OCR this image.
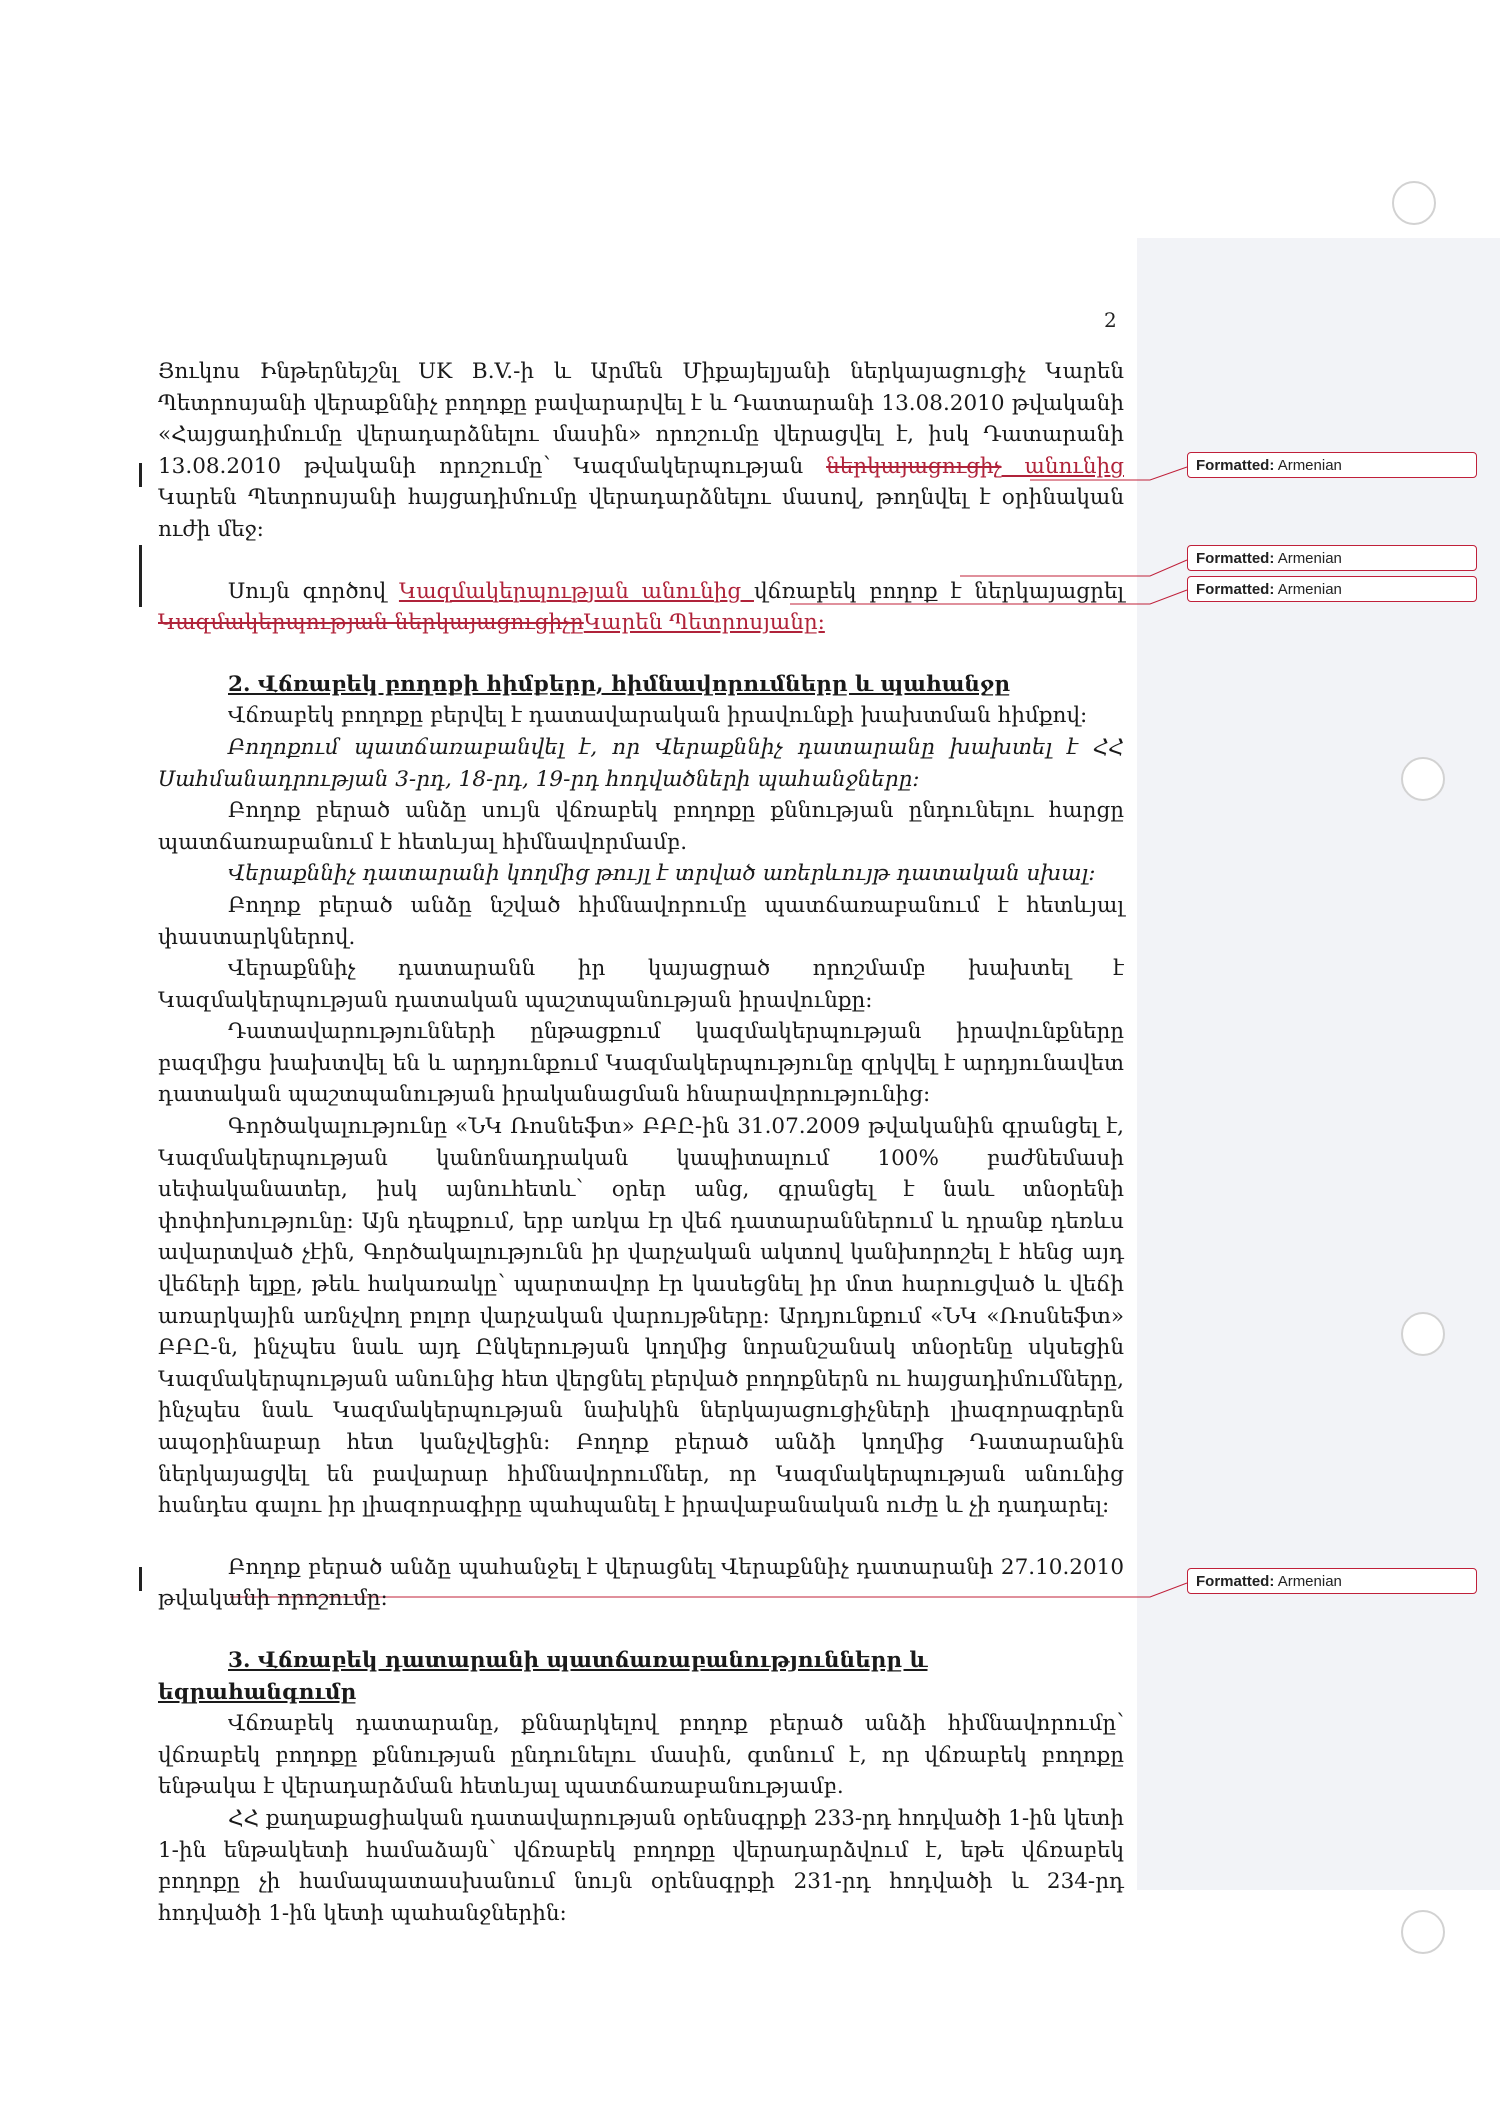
2
Formatted: Armenian
Formatted: Armenian
Formatted: Armenian
Formatted: Armenian

Յուկոս Ինթերնեյշնլ UK B.V.-ի և Արմեն Միքայելյանի ներկայացուցիչ Կարեն Պետրոսյանի վերաքննիչ բողոքը բավարարվել է և Դատարանի 13.08.2010 թվականի «Հայցադիմումը վերադարձնելու մասին» որոշումը վերացվել է, իսկ Դատարանի 13.08.2010 թվականի որոշումը՝ Կազմակերպության ներկայացուցիչ անունից Կարեն Պետրոսյանի հայցադիմումը վերադարձնելու մասով, թողնվել է օրինական ուժի մեջ:

Սույն գործով Կազմակերպության անունից վճռաբեկ բողոք է ներկայացրել Կազմակերպության ներկայացուցիչըԿարեն Պետրոսյանը:

2. Վճռաբեկ բողոքի հիմքերը, հիմնավորումները և պահանջը

Վճռաբեկ բողոքը բերվել է դատավարական իրավունքի խախտման հիմքով:

Բողոքում պատճառաբանվել է, որ Վերաքննիչ դատարանը խախտել է ՀՀ Սահմանադրության 3-րդ, 18-րդ, 19-րդ հոդվածների պահանջները:

Բողոք բերած անձը սույն վճռաբեկ բողոքը քննության ընդունելու հարցը պատճառաբանում է հետևյալ հիմնավորմամբ.

Վերաքննիչ դատարանի կողմից թույլ է տրված առերևույթ դատական սխալ:

Բողոք բերած անձը նշված հիմնավորումը պատճառաբանում է հետևյալ փաստարկներով.

Վերաքննիչ դատարանն իր կայացրած որոշմամբ խախտել է Կազմակերպության դատական պաշտպանության իրավունքը:

Դատավարությունների ընթացքում կազմակերպության իրավունքները բազմիցս խախտվել են և արդյունքում Կազմակերպությունը զրկվել է արդյունավետ դատական պաշտպանության իրականացման հնարավորությունից:

Գործակալությունը «ՆԿ Ռոսնեֆտ» ԲԲԸ-ին 31.07.2009 թվականին գրանցել է, Կազմակերպության կանոնադրական կապիտալում 100% բաժնեմասի սեփականատեր, իսկ այնուհետև՝ օրեր անց, գրանցել է նաև տնօրենի փոփոխությունը: Այն դեպքում, երբ առկա էր վեճ դատարաններում և դրանք դեռևս ավարտված չէին, Գործակալությունն իր վարչական ակտով կանխորոշել է հենց այդ վեճերի ելքը, թեև հակառակը՝ պարտավոր էր կասեցնել իր մոտ հարուցված և վեճի առարկային առնչվող բոլոր վարչական վարույթները: Արդյունքում «ՆԿ «Ռոսնեֆտ» ԲԲԸ-ն, ինչպես նաև այդ Ընկերության կողմից նորանշանակ տնօրենը սկսեցին Կազմակերպության անունից հետ վերցնել բերված բողոքներն ու հայցադիմումները, ինչպես նաև Կազմակերպության նախկին ներկայացուցիչների լիազորագրերն ապօրինաբար հետ կանչվեցին: Բողոք բերած անձի կողմից Դատարանին ներկայացվել են բավարար հիմնավորումներ, որ Կազմակերպության անունից հանդես գալու իր լիազորագիրը պահպանել է իրավաբանական ուժը և չի դադարել:

Բողոք բերած անձը պահանջել է վերացնել Վերաքննիչ դատարանի 27.10.2010 թվականի որոշումը:

3. Վճռաբեկ դատարանի պատճառաբանությունները և եզրահանգումը

Վճռաբեկ դատարանը, քննարկելով բողոք բերած անձի հիմնավորումը՝ վճռաբեկ բողոքը քննության ընդունելու մասին, գտնում է, որ վճռաբեկ բողոքը ենթակա է վերադարձման հետևյալ պատճառաբանությամբ.

ՀՀ քաղաքացիական դատավարության օրենսգրքի 233-րդ հոդվածի 1-ին կետի 1-ին ենթակետի համաձայն՝ վճռաբեկ բողոքը վերադարձվում է, եթե վճռաբեկ բողոքը չի համապատասխանում նույն օրենսգրքի 231-րդ հոդվածի և 234-րդ հոդվածի 1-ին կետի պահանջներին:
